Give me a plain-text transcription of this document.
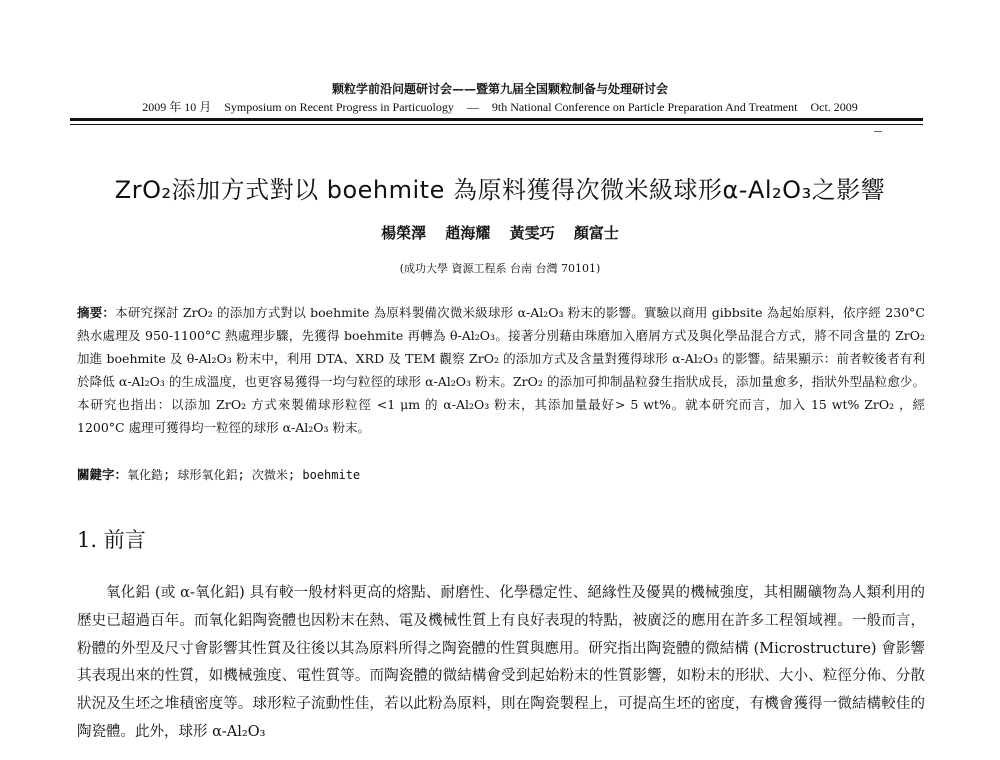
颗粒学前沿问题研讨会——暨第九届全国颗粒制备与处理研讨会
2009 年 10 月 Symposium on Recent Progress in Particuology — 9th National Conference on Particle Preparation And Treatment Oct. 2009
ZrO₂添加方式對以 boehmite 為原料獲得次微米級球形α-Al₂O₃之影響
楊榮澤 趙海耀 黃雯巧 顏富士
(成功大學 資源工程系 台南 台灣 70101)
摘要：本研究探討 ZrO₂ 的添加方式對以 boehmite 為原料製備次微米級球形 α-Al₂O₃ 粉末的影響。實驗以商用 gibbsite 為起始原料，依序經 230°C 熱水處理及 950-1100°C 熱處理步驟，先獲得 boehmite 再轉為 θ-Al₂O₃。接著分別藉由珠磨加入磨屑方式及與化學品混合方式，將不同含量的 ZrO₂ 加進 boehmite 及 θ-Al₂O₃ 粉末中，利用 DTA、XRD 及 TEM 觀察 ZrO₂ 的添加方式及含量對獲得球形 α-Al₂O₃ 的影響。結果顯示：前者較後者有利於降低 α-Al₂O₃ 的生成溫度，也更容易獲得一均勻粒徑的球形 α-Al₂O₃ 粉末。ZrO₂ 的添加可抑制晶粒發生指狀成長，添加量愈多，指狀外型晶粒愈少。本研究也指出：以添加 ZrO₂ 方式來製備球形粒徑 <1 μm 的 α-Al₂O₃ 粉末，其添加量最好> 5 wt%。就本研究而言，加入 15 wt% ZrO₂ ，經 1200°C 處理可獲得均一粒徑的球形 α-Al₂O₃ 粉末。
關鍵字：氧化鋯; 球形氧化鋁; 次微米; boehmite
1. 前言
氧化鋁 (或 α-氧化鋁) 具有較一般材料更高的熔點、耐磨性、化學穩定性、絕緣性及優異的機械強度，其相關礦物為人類利用的歷史已超過百年。而氧化鋁陶瓷體也因粉末在熱、電及機械性質上有良好表現的特點，被廣泛的應用在許多工程領域裡。一般而言，粉體的外型及尺寸會影響其性質及往後以其為原料所得之陶瓷體的性質與應用。研究指出陶瓷體的微結構 (Microstructure) 會影響其表現出來的性質，如機械強度、電性質等。而陶瓷體的微結構會受到起始粉末的性質影響，如粉末的形狀、大小、粒徑分佈、分散狀況及生坯之堆積密度等。球形粒子流動性佳，若以此粉為原料，則在陶瓷製程上，可提高生坯的密度，有機會獲得一微結構較佳的陶瓷體。此外，球形 α-Al₂O₃
